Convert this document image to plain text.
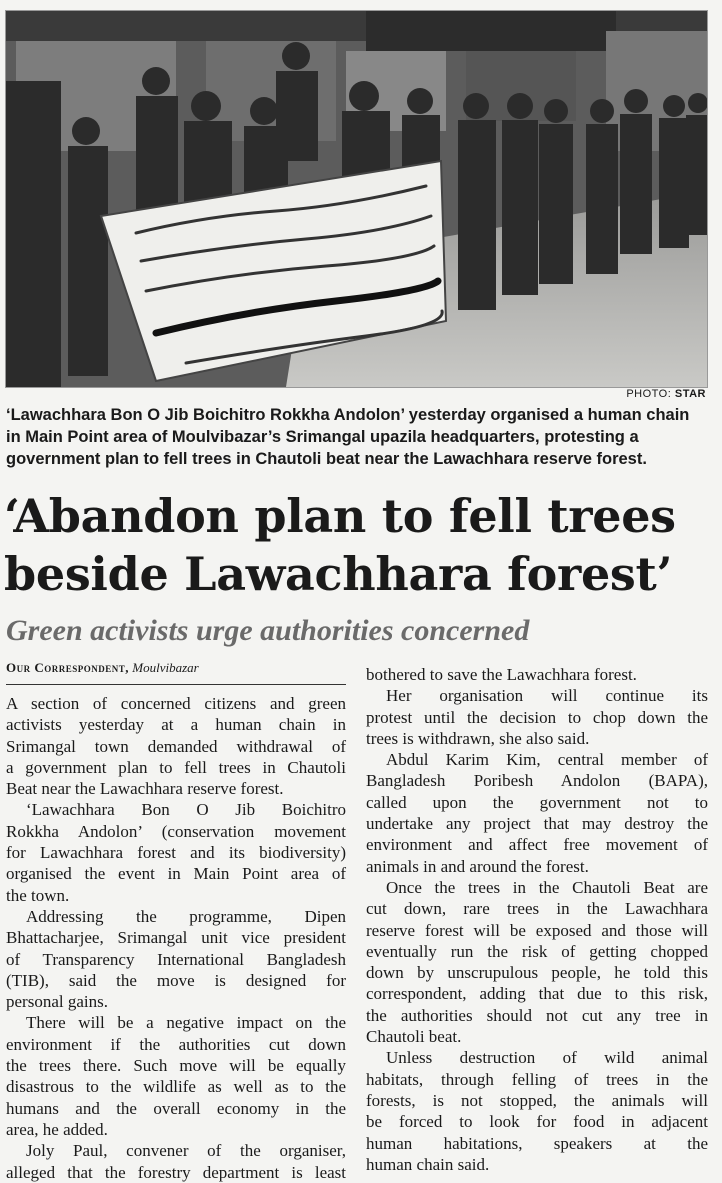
PHOTO: STAR
‘Lawachhara Bon O Jib Boichitro Rokkha Andolon’ yesterday organised a human chain
in Main Point area of Moulvibazar’s Srimangal upazila headquarters, protesting a
government plan to fell trees in Chautoli beat near the Lawachhara reserve forest.
‘Abandon plan to fell trees
beside Lawachhara forest’
Green activists urge authorities concerned
Our Correspondent, Moulvibazar
A section of concerned citizens and green
activists yesterday at a human chain in
Srimangal town demanded withdrawal of
a government plan to fell trees in Chautoli
Beat near the Lawachhara reserve forest.
‘Lawachhara Bon O Jib Boichitro
Rokkha Andolon’ (conservation movement
for Lawachhara forest and its biodiversity)
organised the event in Main Point area of
the town.
Addressing the programme, Dipen
Bhattacharjee, Srimangal unit vice president
of Transparency International Bangladesh
(TIB), said the move is designed for
personal gains.
There will be a negative impact on the
environment if the authorities cut down
the trees there. Such move will be equally
disastrous to the wildlife as well as to the
humans and the overall economy in the
area, he added.
Joly Paul, convener of the organiser,
alleged that the forestry department is least
bothered to save the Lawachhara forest.
Her organisation will continue its
protest until the decision to chop down the
trees is withdrawn, she also said.
Abdul Karim Kim, central member of
Bangladesh Poribesh Andolon (BAPA),
called upon the government not to
undertake any project that may destroy the
environment and affect free movement of
animals in and around the forest.
Once the trees in the Chautoli Beat are
cut down, rare trees in the Lawachhara
reserve forest will be exposed and those will
eventually run the risk of getting chopped
down by unscrupulous people, he told this
correspondent, adding that due to this risk,
the authorities should not cut any tree in
Chautoli beat.
Unless destruction of wild animal
habitats, through felling of trees in the
forests, is not stopped, the animals will
be forced to look for food in adjacent
human habitations, speakers at the
human chain said.
